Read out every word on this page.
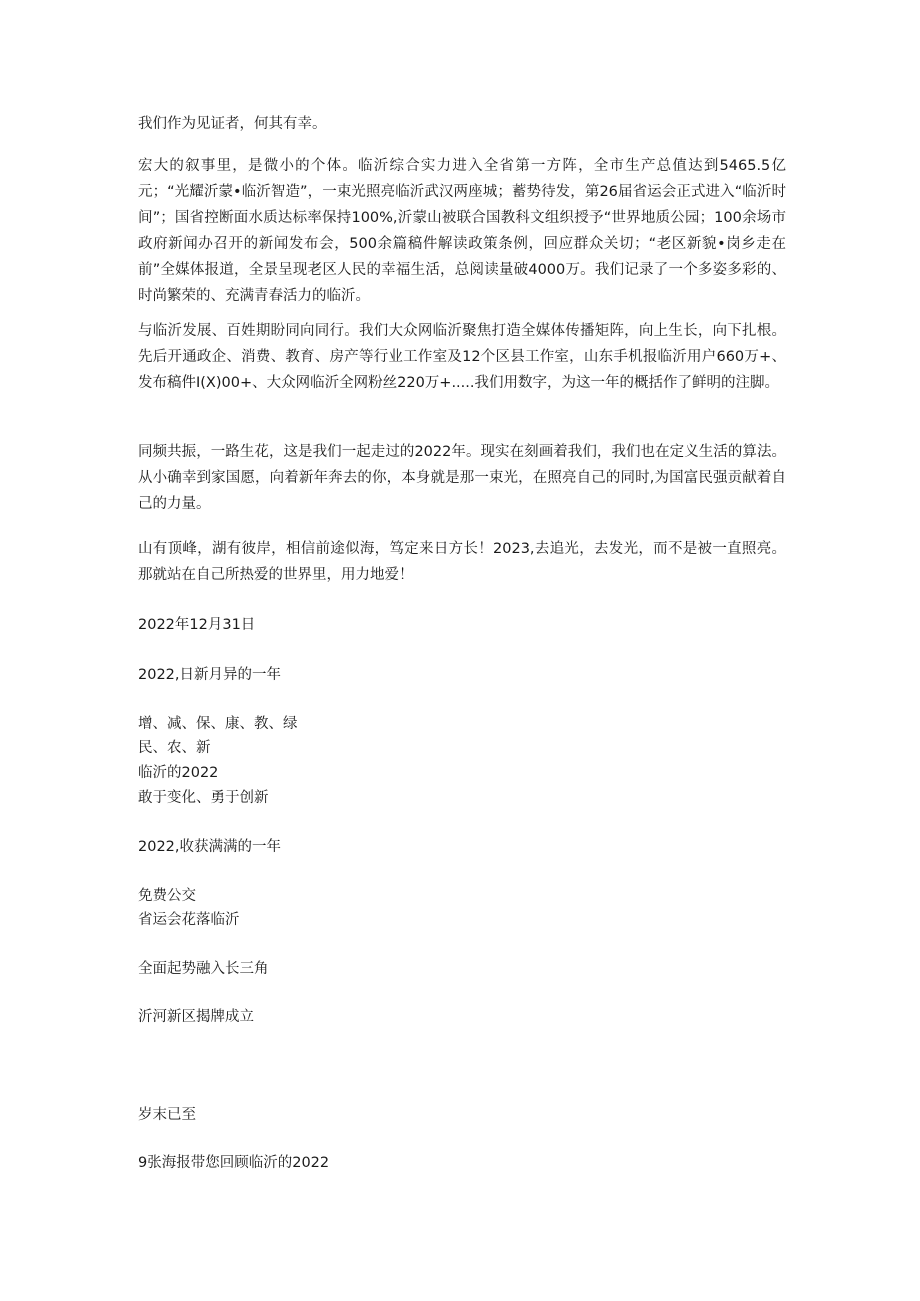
我们作为见证者，何其有幸。
宏大的叙事里，是微小的个体。临沂综合实力进入全省第一方阵，全市生产总值达到5465.5亿元；“光耀沂蒙•临沂智造”，一束光照亮临沂武汉两座城；蓄势待发，第26届省运会正式进入“临沂时间”；国省控断面水质达标率保持100%,沂蒙山被联合国教科文组织授予“世界地质公园；100余场市政府新闻办召开的新闻发布会，500余篇稿件解读政策条例，回应群众关切；“老区新貌•岗乡走在前”全媒体报道，全景呈现老区人民的幸福生活，总阅读量破4000万。我们记录了一个多姿多彩的、时尚繁荣的、充满青春活力的临沂。
与临沂发展、百姓期盼同向同行。我们大众网临沂聚焦打造全媒体传播矩阵，向上生长，向下扎根。先后开通政企、消费、教育、房产等行业工作室及12个区县工作室，山东手机报临沂用户660万+、发布稿件I(X)00+、大众网临沂全网粉丝220万+.....我们用数字，为这一年的概括作了鲜明的注脚。
同频共振，一路生花，这是我们一起走过的2022年。现实在刻画着我们，我们也在定义生活的算法。从小确幸到家国愿，向着新年奔去的你，本身就是那一束光，在照亮自己的同时,为国富民强贡献着自己的力量。
山有顶峰，湖有彼岸，相信前途似海，笃定来日方长！2023,去追光，去发光，而不是被一直照亮。那就站在自己所热爱的世界里，用力地爱！
2022年12月31日
2022,日新月异的一年
增、减、保、康、教、绿
民、农、新
临沂的2022
敢于变化、勇于创新
2022,收获满满的一年
免费公交
省运会花落临沂
全面起势融入长三角
沂河新区揭牌成立
岁末已至
9张海报带您回顾临沂的2022
